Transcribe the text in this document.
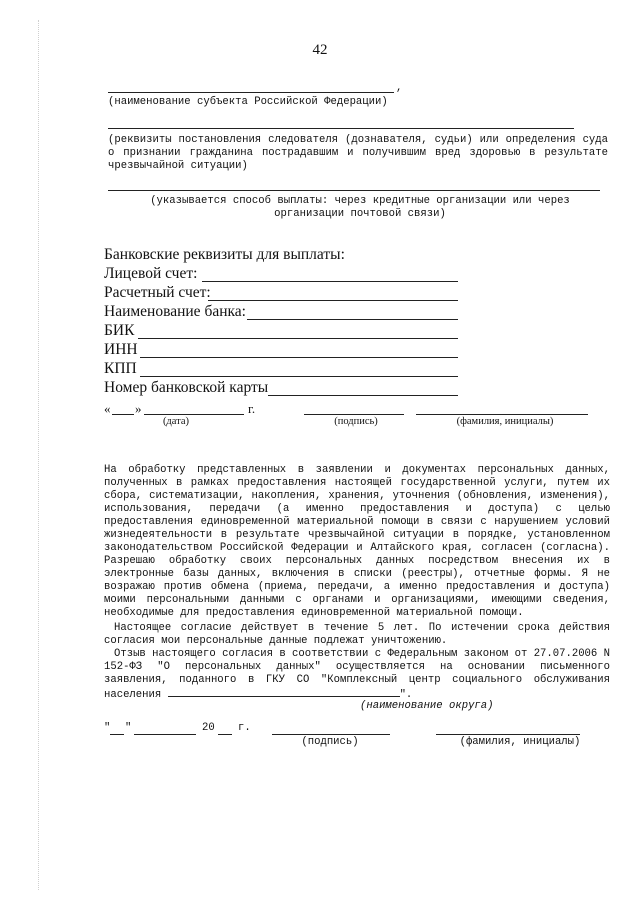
42
,
(наименование субъекта Российской Федерации)
(реквизиты постановления следователя (дознавателя, судьи) или определения суда о признании гражданина пострадавшим и получившим вред здоровью в результате чрезвычайной ситуации)
(указывается способ выплаты: через кредитные организации или через организации почтовой связи)
Банковские реквизиты для выплаты:
Лицевой счет:
Расчетный счет:
Наименование банка:
БИК
ИНН
КПП
Номер банковской карты
« »	г.
(дата)	(подпись)	(фамилия, инициалы)
На обработку представленных в заявлении и документах персональных данных, полученных в рамках предоставления настоящей государственной услуги, путем их сбора, систематизации, накопления, хранения, уточнения (обновления, изменения), использования, передачи (а именно предоставления и доступа) с целью предоставления единовременной материальной помощи в связи с нарушением условий жизнедеятельности в результате чрезвычайной ситуации в порядке, установленном законодательством Российской Федерации и Алтайского края, согласен (согласна). Разрешаю обработку своих персональных данных посредством внесения их в электронные базы данных, включения в списки (реестры), отчетные формы. Я не возражаю против обмена (приема, передачи, а именно предоставления и доступа) моими персональными данными с органами и организациями, имеющими сведения, необходимые для предоставления единовременной материальной помощи.
Настоящее согласие действует в течение 5 лет. По истечении срока действия согласия мои персональные данные подлежат уничтожению.
Отзыв настоящего согласия в соответствии с Федеральным законом от 27.07.2006 N 152-ФЗ "О персональных данных" осуществляется на основании письменного заявления, поданного в ГКУ СО "Комплексный центр социального обслуживания населения	".
(наименование округа)
" "	20 г.
(подпись)	(фамилия, инициалы)
